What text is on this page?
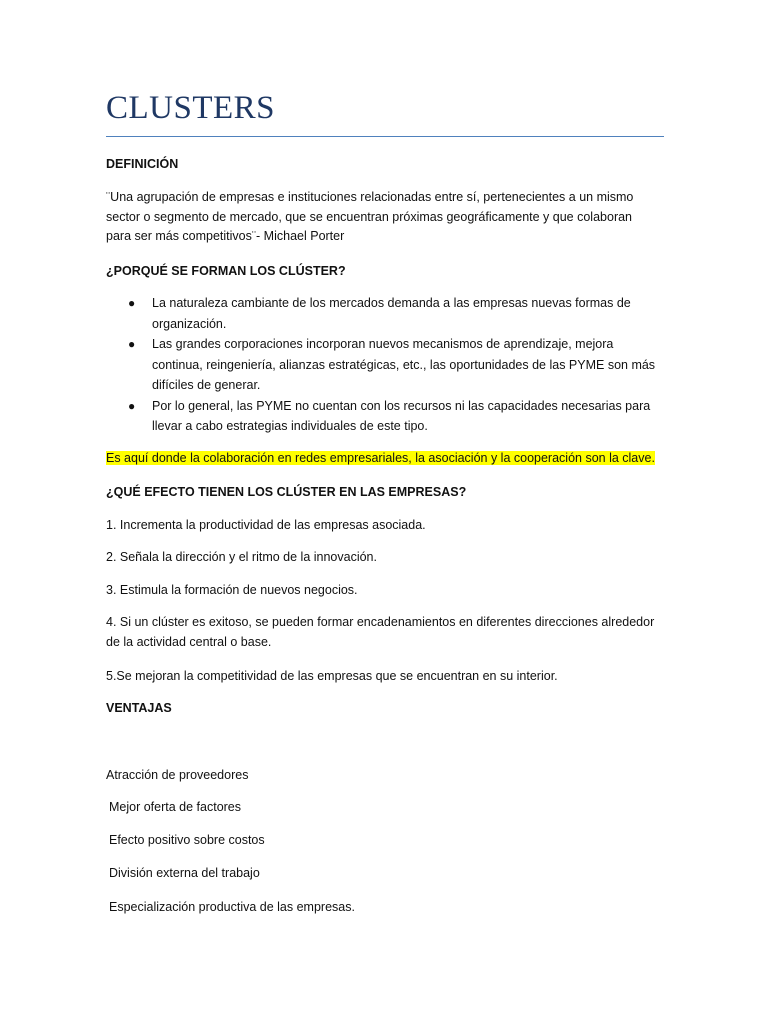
CLUSTERS

DEFINICIÓN

¨Una agrupación de empresas e instituciones relacionadas entre sí, pertenecientes a un mismo
sector o segmento de mercado, que se encuentran próximas geográficamente y que colaboran
para ser más competitivos¨- Michael Porter

¿PORQUÉ SE FORMAN LOS CLÚSTER?

● La naturaleza cambiante de los mercados demanda a las empresas nuevas formas de
organización.
● Las grandes corporaciones incorporan nuevos mecanismos de aprendizaje, mejora
continua, reingeniería, alianzas estratégicas, etc., las oportunidades de las PYME son más
difíciles de generar.
● Por lo general, las PYME no cuentan con los recursos ni las capacidades necesarias para
llevar a cabo estrategias individuales de este tipo.

Es aquí donde la colaboración en redes empresariales, la asociación y la cooperación son la clave.

¿QUÉ EFECTO TIENEN LOS CLÚSTER EN LAS EMPRESAS?

1. Incrementa la productividad de las empresas asociada.

2. Señala la dirección y el ritmo de la innovación.

3. Estimula la formación de nuevos negocios.

4. Si un clúster es exitoso, se pueden formar encadenamientos en diferentes direcciones alrededor
de la actividad central o base.

5.Se mejoran la competitividad de las empresas que se encuentran en su interior.

VENTAJAS

Atracción de proveedores

Mejor oferta de factores

Efecto positivo sobre costos

División externa del trabajo

Especialización productiva de las empresas.
